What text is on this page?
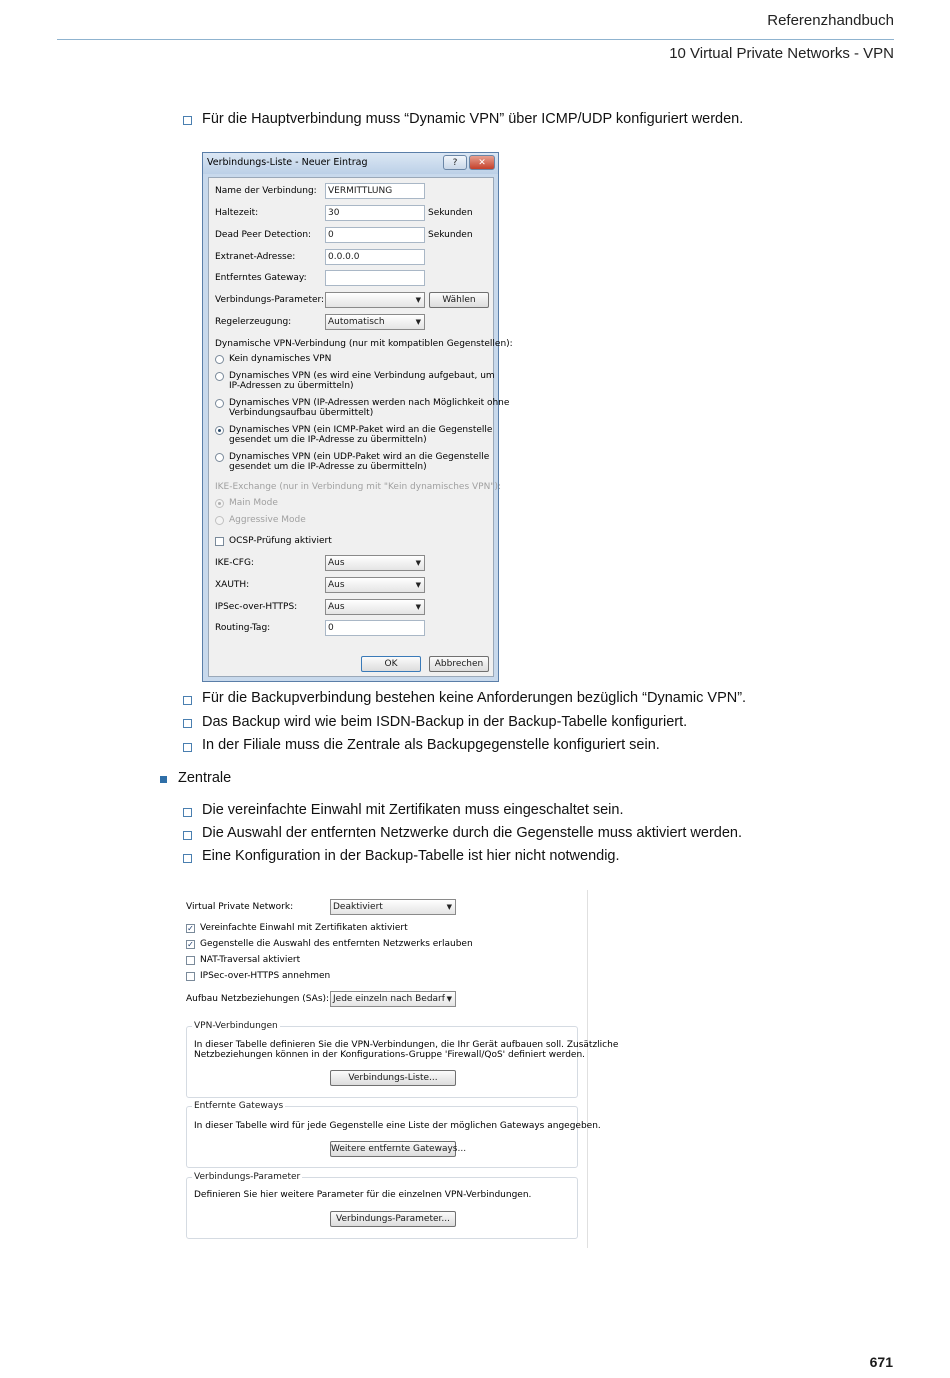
Referenzhandbuch
10 Virtual Private Networks - VPN
Für die Hauptverbindung muss “Dynamic VPN” über ICMP/UDP konfiguriert werden.
Verbindungs-Liste - Neuer Eintrag	?	✕
Name der Verbindung:	VERMITTLUNG
Haltezeit:	30	Sekunden
Dead Peer Detection:	0	Sekunden
Extranet-Adresse:	0.0.0.0
Entferntes Gateway:
Verbindungs-Parameter:
▼	Wählen
Regelerzeugung:	Automatisch ▼
Dynamische VPN-Verbindung (nur mit kompatiblen Gegenstellen):
Kein dynamisches VPN
Dynamisches VPN (es wird eine Verbindung aufgebaut, um
IP-Adressen zu übermitteln)
Dynamisches VPN (IP-Adressen werden nach Möglichkeit ohne
Verbindungsaufbau übermittelt)
Dynamisches VPN (ein ICMP-Paket wird an die Gegenstelle
gesendet um die IP-Adresse zu übermitteln)
Dynamisches VPN (ein UDP-Paket wird an die Gegenstelle
gesendet um die IP-Adresse zu übermitteln)
IKE-Exchange (nur in Verbindung mit "Kein dynamisches VPN"):
Main Mode
Aggressive Mode
OCSP-Prüfung aktiviert
IKE-CFG:	Aus ▼
XAUTH:	Aus ▼
IPSec-over-HTTPS:	Aus ▼
Routing-Tag:	0
OK	Abbrechen
Für die Backupverbindung bestehen keine Anforderungen bezüglich “Dynamic VPN”.
Das Backup wird wie beim ISDN-Backup in der Backup-Tabelle konfiguriert.
In der Filiale muss die Zentrale als Backupgegenstelle konfiguriert sein.
Zentrale
Die vereinfachte Einwahl mit Zertifikaten muss eingeschaltet sein.
Die Auswahl der entfernten Netzwerke durch die Gegenstelle muss aktiviert werden.
Eine Konfiguration in der Backup-Tabelle ist hier nicht notwendig.
Virtual Private Network:	Deaktiviert ▼
✓ Vereinfachte Einwahl mit Zertifikaten aktiviert
✓ Gegenstelle die Auswahl des entfernten Netzwerks erlauben
NAT-Traversal aktiviert
IPSec-over-HTTPS annehmen
Aufbau Netzbeziehungen (SAs): Jede einzeln nach Bedarf ▼
VPN-Verbindungen
In dieser Tabelle definieren Sie die VPN-Verbindungen, die Ihr Gerät aufbauen soll. Zusätzliche
Netzbeziehungen können in der Konfigurations-Gruppe 'Firewall/QoS' definiert werden.
Verbindungs-Liste...
Entfernte Gateways
In dieser Tabelle wird für jede Gegenstelle eine Liste der möglichen Gateways angegeben.
Weitere entfernte Gateways...
Verbindungs-Parameter
Definieren Sie hier weitere Parameter für die einzelnen VPN-Verbindungen.
Verbindungs-Parameter...
671
